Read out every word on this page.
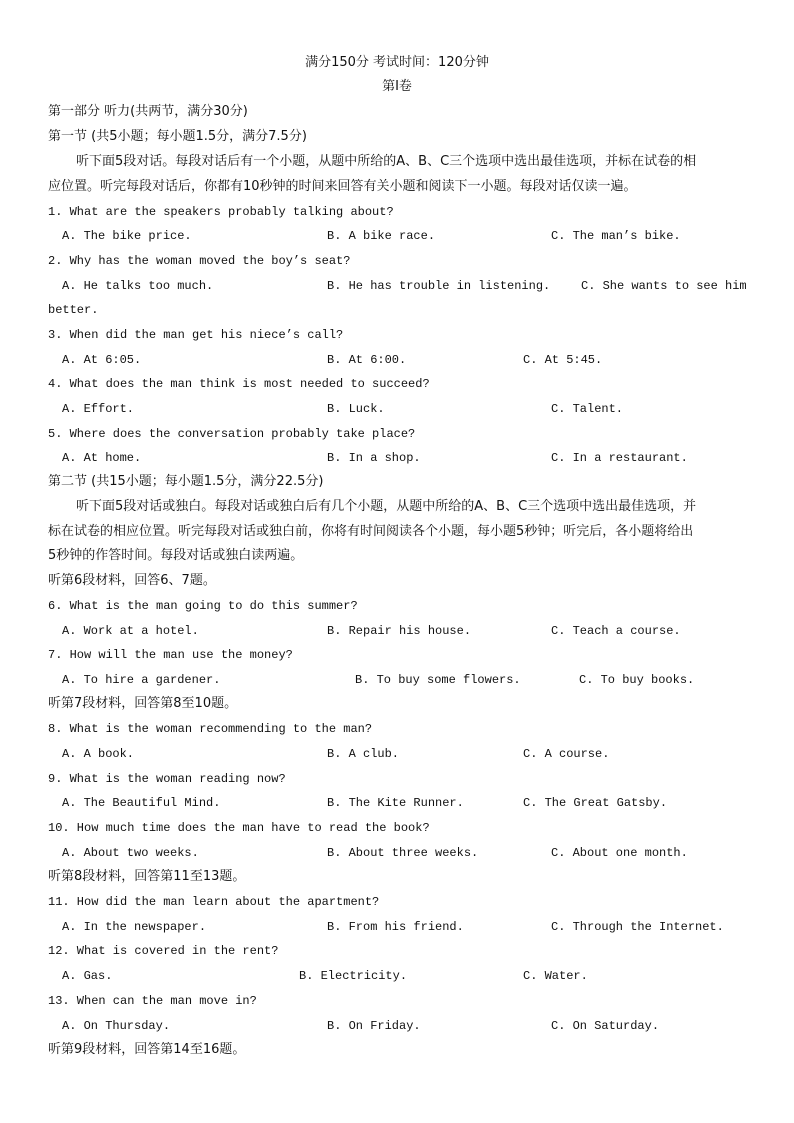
满分150分 考试时间：120分钟
第Ⅰ卷
第一部分 听力(共两节，满分30分)
第一节 (共5小题；每小题1.5分，满分7.5分)
听下面5段对话。每段对话后有一个小题，从题中所给的A、B、C三个选项中选出最佳选项，并标在试卷的相
应位置。听完每段对话后，你都有10秒钟的时间来回答有关小题和阅读下一小题。每段对话仅读一遍。
1. What are the speakers probably talking about?
A. The bike price.	B. A bike race.	C. The man’s bike.
2. Why has the woman moved the boy’s seat?
A. He talks too much.	B. He has trouble in listening.	C. She wants to see him
better.
3. When did the man get his niece’s call?
A. At 6:05.	B. At 6:00.	C. At 5:45.
4. What does the man think is most needed to succeed?
A. Effort.	B. Luck.	C. Talent.
5. Where does the conversation probably take place?
A. At home.	B. In a shop.	C. In a restaurant.
第二节 (共15小题；每小题1.5分，满分22.5分)
听下面5段对话或独白。每段对话或独白后有几个小题，从题中所给的A、B、C三个选项中选出最佳选项，并
标在试卷的相应位置。听完每段对话或独白前，你将有时间阅读各个小题，每小题5秒钟；听完后，各小题将给出
5秒钟的作答时间。每段对话或独白读两遍。
听第6段材料，回答6、7题。
6. What is the man going to do this summer?
A. Work at a hotel.	B. Repair his house.	C. Teach a course.
7. How will the man use the money?
A. To hire a gardener.	B. To buy some flowers.	C. To buy books.
听第7段材料，回答第8至10题。
8. What is the woman recommending to the man?
A. A book.	B. A club.	C. A course.
9. What is the woman reading now?
A. The Beautiful Mind.	B. The Kite Runner.	C. The Great Gatsby.
10. How much time does the man have to read the book?
A. About two weeks.	B. About three weeks.	C. About one month.
听第8段材料，回答第11至13题。
11. How did the man learn about the apartment?
A. In the newspaper.	B. From his friend.	C. Through the Internet.
12. What is covered in the rent?
A. Gas.	B. Electricity.	C. Water.
13. When can the man move in?
A. On Thursday.	B. On Friday.	C. On Saturday.
听第9段材料，回答第14至16题。
